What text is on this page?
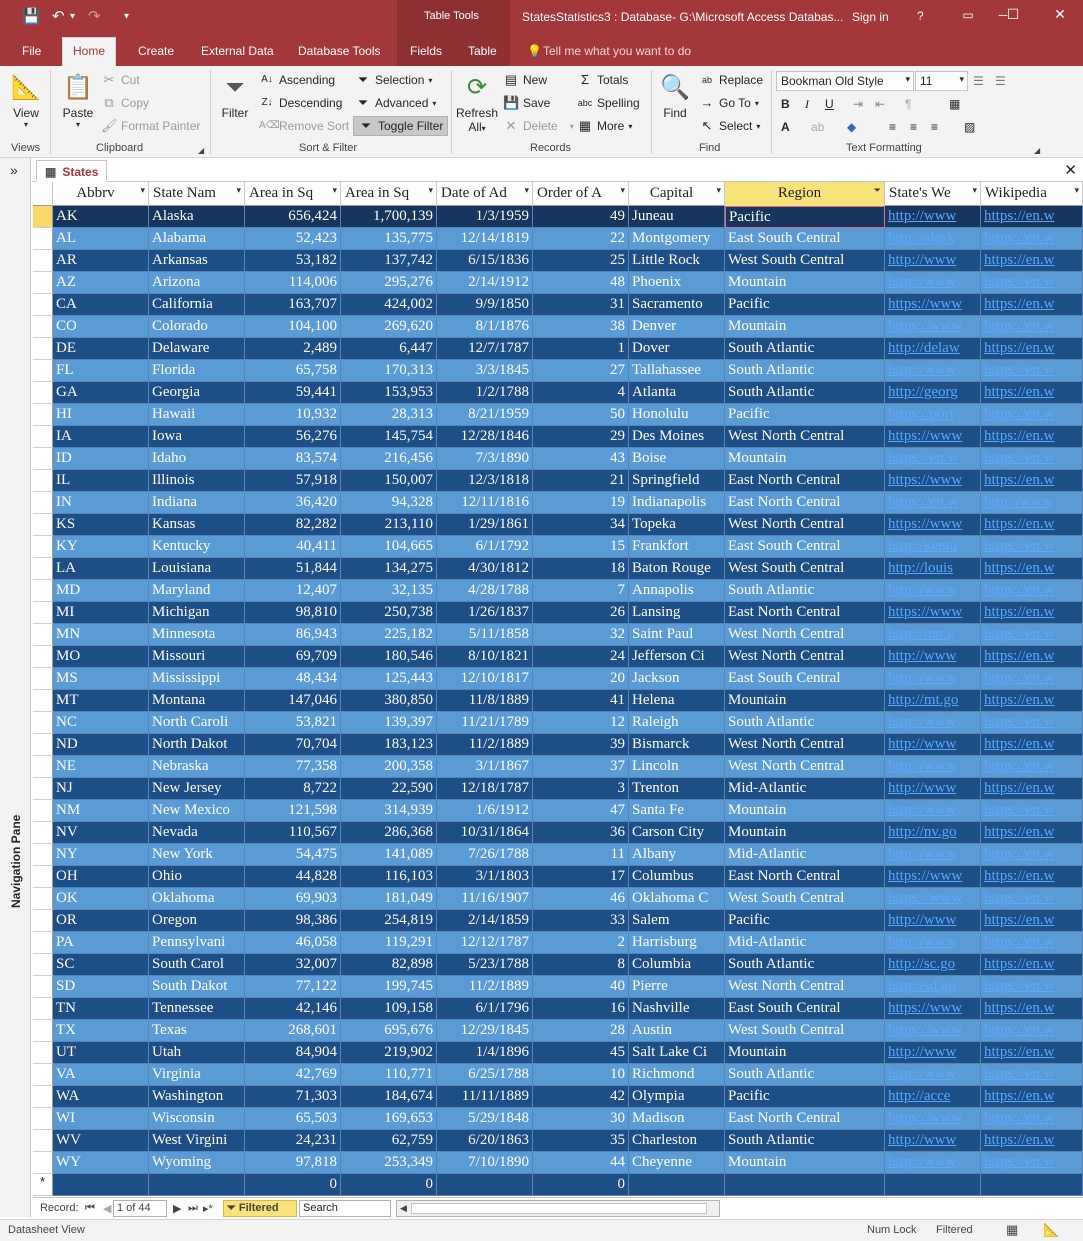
💾 ↶ ▾ ↷ ▾	Table Tools	StatesStatistics3 : Database- G:\Microsoft Access Databas... Sign in ?	▭	─ ☐	✕
File	Home	Create External Data Database Tools Fields Table	💡 Tell me what you want to do
📐
View
▾
Views
📋
Paste
▾
✂ Cut
⧉ Copy
🖌 Format Painter
Clipboard	◢
⏷
Filter
A↓ Ascending
Z↓ Descending
A⌫ Remove Sort
⏷ Selection ▾
⏷ Advanced ▾
⏷ Toggle Filter
Sort & Filter
⟳
Refresh
All▾
▤ New
💾 Save
✕ Delete ▾
Σ Totals
abc Spelling
▦ More ▾
Records
🔍
Find
ab Replace
→ Go To ▾
↖ Select ▾
Find
Bookman Old Style ▾ 11	▾ ☰ ☰
B I U ⇥ ⇤ ¶	▦
A ab ◆	≡ ≡ ≡ ▨
Text Formatting	◢
»
Navigation Pane
▦ States	✕
Abbrv	▾ State Nam ▾ Area in Sq ▾ Area in Sq ▾ Date of Ad ▾ Order of A ▾	Capital	▾	Region	⏷ State's We ▾ Wikipedia	▾
AK	Alaska	656,424	1,700,139	1/3/1959	49 Juneau	Pacific	http://www	https://en.w
AL	Alabama	52,423	135,775	12/14/1819	22 Montgomery	East South Central	http://alask	https://en.w
AR	Arkansas	53,182	137,742	6/15/1836	25 Little Rock	West South Central	http://www	https://en.w
AZ	Arizona	114,006	295,276	2/14/1912	48 Phoenix	Mountain	http://www	https://en.w
CA	California	163,707	424,002	9/9/1850	31 Sacramento	Pacific	https://www	https://en.w
CO	Colorado	104,100	269,620	8/1/1876	38 Denver	Mountain	https://www	https://en.w
DE	Delaware	2,489	6,447	12/7/1787	1 Dover	South Atlantic	http://delaw	https://en.w
FL	Florida	65,758	170,313	3/3/1845	27 Tallahassee	South Atlantic	http://www	https://en.w
GA	Georgia	59,441	153,953	1/2/1788	4 Atlanta	South Atlantic	http://georg	https://en.w
HI	Hawaii	10,932	28,313	8/21/1959	50 Honolulu	Pacific	https://port	https://en.w
IA	Iowa	56,276	145,754	12/28/1846	29 Des Moines	West North Central	https://www	https://en.w
ID	Idaho	83,574	216,456	7/3/1890	43 Boise	Mountain	https://en.w	https://en.w
IL	Illinois	57,918	150,007	12/3/1818	21 Springfield	East North Central	https://www	https://en.w
IN	Indiana	36,420	94,328	12/11/1816	19 Indianapolis	East North Central	https://en.w	http://www
KS	Kansas	82,282	213,110	1/29/1861	34 Topeka	West North Central	https://www	https://en.w
KY	Kentucky	40,411	104,665	6/1/1792	15 Frankfort	East South Central	http://kentu	https://en.w
LA	Louisiana	51,844	134,275	4/30/1812	18 Baton Rouge	West South Central	http://louis	https://en.w
MD	Maryland	12,407	32,135	4/28/1788	7 Annapolis	South Atlantic	http://www	https://en.w
MI	Michigan	98,810	250,738	1/26/1837	26 Lansing	East North Central	https://www	https://en.w
MN	Minnesota	86,943	225,182	5/11/1858	32 Saint Paul	West North Central	http://mn.g	https://en.w
MO	Missouri	69,709	180,546	8/10/1821	24 Jefferson Ci	West North Central	http://www	https://en.w
MS	Mississippi	48,434	125,443	12/10/1817	20 Jackson	East South Central	http://www	https://en.w
MT	Montana	147,046	380,850	11/8/1889	41 Helena	Mountain	http://mt.go	https://en.w
NC	North Caroli	53,821	139,397	11/21/1789	12 Raleigh	South Atlantic	http://www	https://en.w
ND	North Dakot	70,704	183,123	11/2/1889	39 Bismarck	West North Central	http://www	https://en.w
NE	Nebraska	77,358	200,358	3/1/1867	37 Lincoln	West North Central	http://www	https://en.w
NJ	New Jersey	8,722	22,590	12/18/1787	3 Trenton	Mid-Atlantic	http://www	https://en.w
NM	New Mexico	121,598	314,939	1/6/1912	47 Santa Fe	Mountain	http://www	https://en.w
NV	Nevada	110,567	286,368	10/31/1864	36 Carson City	Mountain	http://nv.go	https://en.w
NY	New York	54,475	141,089	7/26/1788	11 Albany	Mid-Atlantic	http://www	https://en.w
OH	Ohio	44,828	116,103	3/1/1803	17 Columbus	East North Central	https://www	https://en.w
OK	Oklahoma	69,903	181,049	11/16/1907	46 Oklahoma C	West South Central	https://www	https://en.w
OR	Oregon	98,386	254,819	2/14/1859	33 Salem	Pacific	http://www	https://en.w
PA	Pennsylvani	46,058	119,291	12/12/1787	2 Harrisburg	Mid-Atlantic	http://www	https://en.w
SC	South Carol	32,007	82,898	5/23/1788	8 Columbia	South Atlantic	http://sc.go	https://en.w
SD	South Dakot	77,122	199,745	11/2/1889	40 Pierre	West North Central	http://sd.go	https://en.w
TN	Tennessee	42,146	109,158	6/1/1796	16 Nashville	East South Central	https://www	https://en.w
TX	Texas	268,601	695,676	12/29/1845	28 Austin	West South Central	https://www	https://en.w
UT	Utah	84,904	219,902	1/4/1896	45 Salt Lake Ci	Mountain	http://www	https://en.w
VA	Virginia	42,769	110,771	6/25/1788	10 Richmond	South Atlantic	http://www	https://en.w
WA	Washington	71,303	184,674	11/11/1889	42 Olympia	Pacific	http://acce	https://en.w
WI	Wisconsin	65,503	169,653	5/29/1848	30 Madison	East North Central	https://www	https://en.w
WV	West Virgini	24,231	62,759	6/20/1863	35 Charleston	South Atlantic	http://www	https://en.w
WY	Wyoming	97,818	253,349	7/10/1890	44 Cheyenne	Mountain	http://www	https://en.w
*	0	0	0
Record: ⏮ ◀ 1 of 44	▶ ⏭ ▸*	⏷ Filtered	Search	◀
Datasheet View	Num Lock Filtered	▦ 📐
